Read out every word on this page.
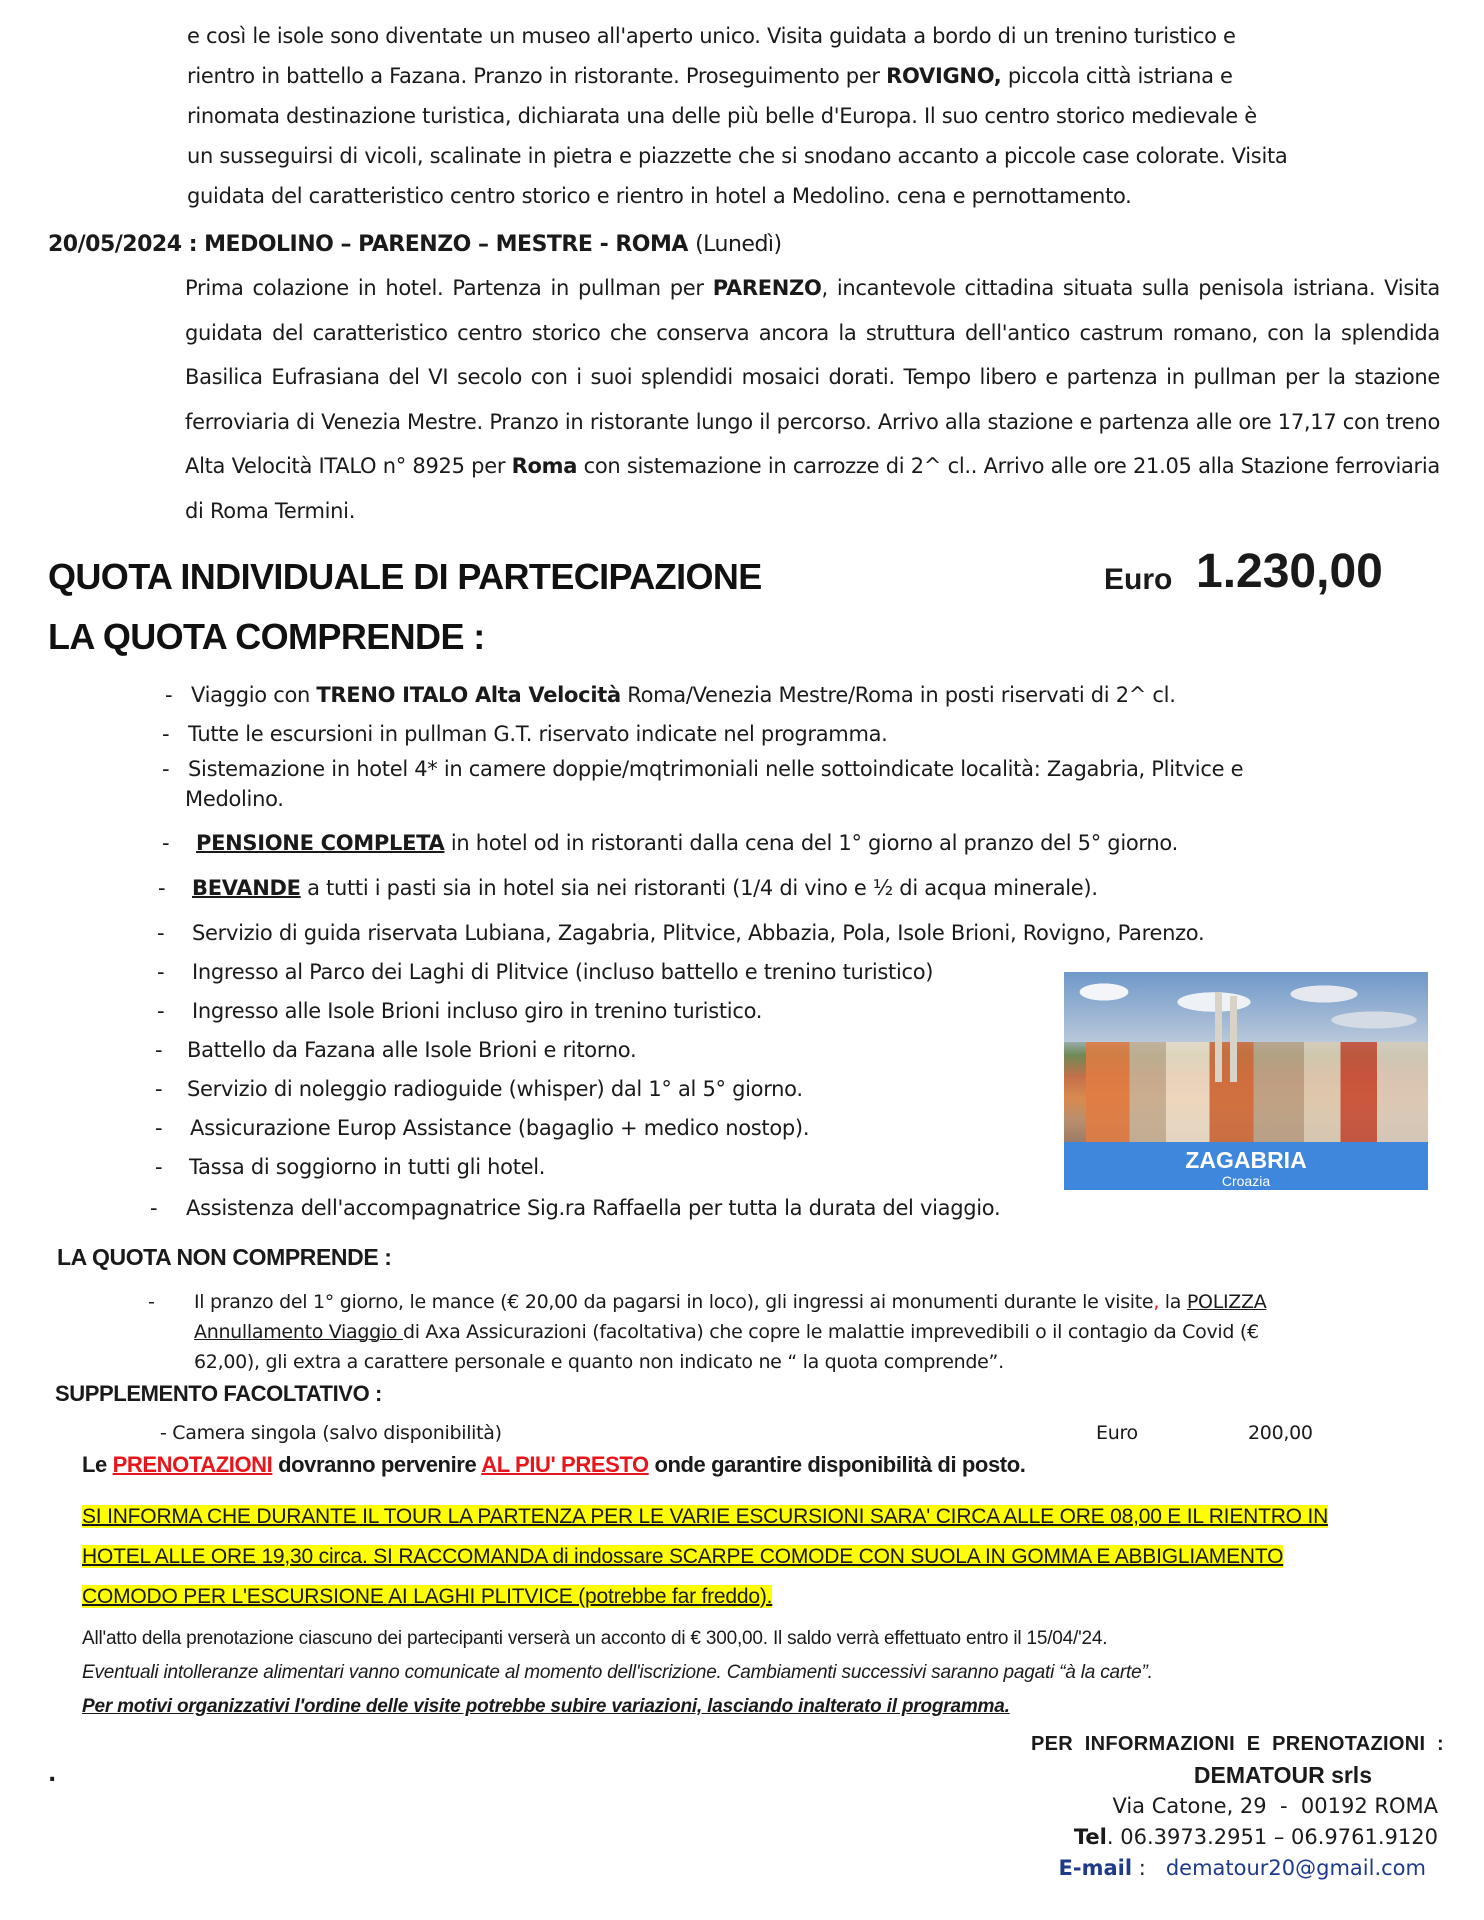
e così le isole sono diventate un museo all'aperto unico. Visita guidata a bordo di un trenino turistico e
rientro in battello a Fazana. Pranzo in ristorante. Proseguimento per ROVIGNO, piccola città istriana e
rinomata destinazione turistica, dichiarata una delle più belle d'Europa. Il suo centro storico medievale è
un susseguirsi di vicoli, scalinate in pietra e piazzette che si snodano accanto a piccole case colorate. Visita
guidata del caratteristico centro storico e rientro in hotel a Medolino. cena e pernottamento.
20/05/2024 : MEDOLINO – PARENZO – MESTRE - ROMA (Lunedì)
Prima colazione in hotel. Partenza in pullman per PARENZO, incantevole cittadina situata sulla penisola istriana. Visita guidata del caratteristico centro storico che conserva ancora la struttura dell'antico castrum romano, con la splendida Basilica Eufrasiana del VI secolo con i suoi splendidi mosaici dorati. Tempo libero e partenza in pullman per la stazione ferroviaria di Venezia Mestre. Pranzo in ristorante lungo il percorso. Arrivo alla stazione e partenza alle ore 17,17 con treno Alta Velocità ITALO n° 8925 per Roma con sistemazione in carrozze di 2^ cl.. Arrivo alle ore 21.05 alla Stazione ferroviaria di Roma Termini.
QUOTA INDIVIDUALE DI PARTECIPAZIONE	Euro 1.230,00
LA QUOTA COMPRENDE :
- Viaggio con TRENO ITALO Alta Velocità Roma/Venezia Mestre/Roma in posti riservati di 2^ cl.
- Tutte le escursioni in pullman G.T. riservato indicate nel programma.
- Sistemazione in hotel 4* in camere doppie/mqtrimoniali nelle sottoindicate località: Zagabria, Plitvice e
Medolino.
- PENSIONE COMPLETA in hotel od in ristoranti dalla cena del 1° giorno al pranzo del 5° giorno.
- BEVANDE a tutti i pasti sia in hotel sia nei ristoranti (1/4 di vino e ½ di acqua minerale).
- Servizio di guida riservata Lubiana, Zagabria, Plitvice, Abbazia, Pola, Isole Brioni, Rovigno, Parenzo.
- Ingresso al Parco dei Laghi di Plitvice (incluso battello e trenino turistico)
- Ingresso alle Isole Brioni incluso giro in trenino turistico.
- Battello da Fazana alle Isole Brioni e ritorno.
- Servizio di noleggio radioguide (whisper) dal 1° al 5° giorno.
- Assicurazione Europ Assistance (bagaglio + medico nostop).
- Tassa di soggiorno in tutti gli hotel.
- Assistenza dell'accompagnatrice Sig.ra Raffaella per tutta la durata del viaggio.
ZAGABRIA
Croazia
LA QUOTA NON COMPRENDE :
- Il pranzo del 1° giorno, le mance (€ 20,00 da pagarsi in loco), gli ingressi ai monumenti durante le visite, la POLIZZA
Annullamento Viaggio di Axa Assicurazioni (facoltativa) che copre le malattie imprevedibili o il contagio da Covid (€
62,00), gli extra a carattere personale e quanto non indicato ne “ la quota comprende”.
SUPPLEMENTO FACOLTATIVO :
- Camera singola (salvo disponibilità)	Euro	200,00
Le PRENOTAZIONI dovranno pervenire AL PIU' PRESTO onde garantire disponibilità di posto.
SI INFORMA CHE DURANTE IL TOUR LA PARTENZA PER LE VARIE ESCURSIONI SARA' CIRCA ALLE ORE 08,00 E IL RIENTRO IN
HOTEL ALLE ORE 19,30 circa. SI RACCOMANDA di indossare SCARPE COMODE CON SUOLA IN GOMMA E ABBIGLIAMENTO
COMODO PER L'ESCURSIONE AI LAGHI PLITVICE (potrebbe far freddo).
All'atto della prenotazione ciascuno dei partecipanti verserà un acconto di € 300,00. Il saldo verrà effettuato entro il 15/04/'24.
Eventuali intolleranze alimentari vanno comunicate al momento dell'iscrizione. Cambiamenti successivi saranno pagati “à la carte”.
Per motivi organizzativi l'ordine delle visite potrebbe subire variazioni, lasciando inalterato il programma.
PER  INFORMAZIONI  E  PRENOTAZIONI  :
DEMATOUR srls
Via Catone, 29  -  00192 ROMA
Tel. 06.3973.2951 – 06.9761.9120
E-mail :   dematour20@gmail.com
.
